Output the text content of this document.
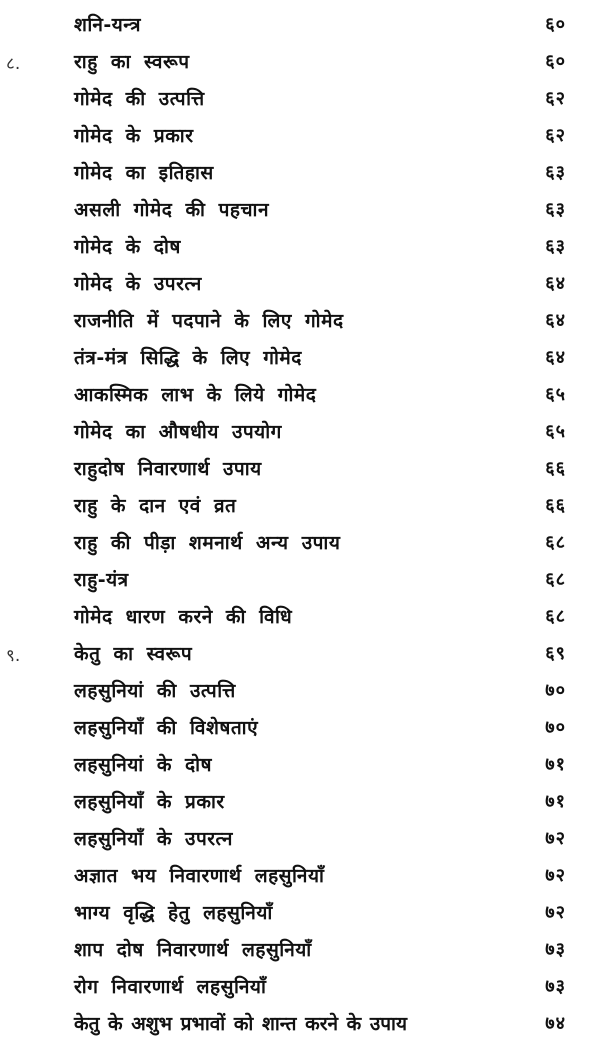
शनि-यन्त्र	६०
८.	राहु का स्वरूप	६०
गोमेद की उत्पत्ति	६२
गोमेद के प्रकार	६२
गोमेद का इतिहास	६३
असली गोमेद की पहचान	६३
गोमेद के दोष	६३
गोमेद के उपरत्न	६४
राजनीति में पदपाने के लिए गोमेद	६४
तंत्र-मंत्र सिद्धि के लिए गोमेद	६४
आकस्मिक लाभ के लिये गोमेद	६५
गोमेद का औषधीय उपयोग	६५
राहुदोष निवारणार्थ उपाय	६६
राहु के दान एवं व्रत	६६
राहु की पीड़ा शमनार्थ अन्य उपाय	६८
राहु-यंत्र	६८
गोमेद धारण करने की विधि	६८
९.	केतु का स्वरूप	६९
लहसुनियां की उत्पत्ति	७०
लहसुनियाँ की विशेषताएं	७०
लहसुनियां के दोष	७१
लहसुनियाँ के प्रकार	७१
लहसुनियाँ के उपरत्न	७२
अज्ञात भय निवारणार्थ लहसुनियाँ	७२
भाग्य वृद्धि हेतु लहसुनियाँ	७२
शाप दोष निवारणार्थ लहसुनियाँ	७३
रोग निवारणार्थ लहसुनियाँ	७३
केतु के अशुभ प्रभावों को शान्त करने के उपाय	७४
